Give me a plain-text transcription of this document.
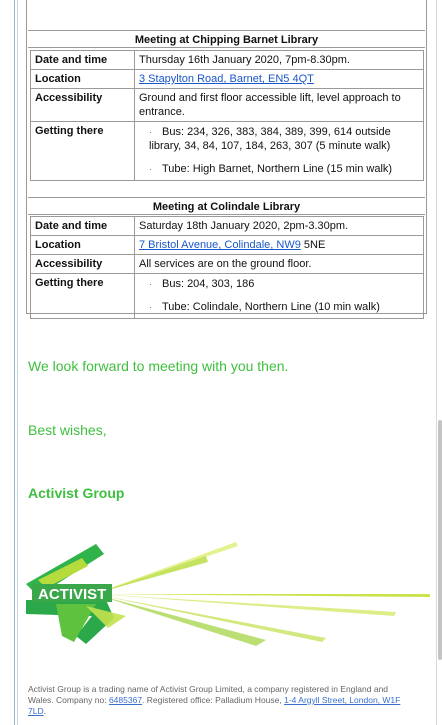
Meeting at Chipping Barnet Library
Date and time	Thursday 16th January 2020, 7pm-8.30pm.
Location	3 Stapylton Road, Barnet, EN5 4QT
Accessibility	Ground and first floor accessible lift, level approach to entrance.
Getting there	· Bus: 234, 326, 383, 384, 389, 399, 614 outside library, 34, 84, 107, 184, 263, 307 (5 minute walk)
· Tube: High Barnet, Northern Line (15 min walk)
Meeting at Colindale Library
Date and time	Saturday 18th January 2020, 2pm-3.30pm.
Location	7 Bristol Avenue, Colindale, NW9 5NE
Accessibility	All services are on the ground floor.
Getting there	· Bus: 204, 303, 186
· Tube: Colindale, Northern Line (10 min walk)
We look forward to meeting with you then.
Best wishes,
Activist Group
ACTIVIST
Activist Group is a trading name of Activist Group Limited, a company registered in England and Wales. Company no: 6485367. Registered office: Palladium House, 1-4 Argyll Street, London, W1F 7LD.
